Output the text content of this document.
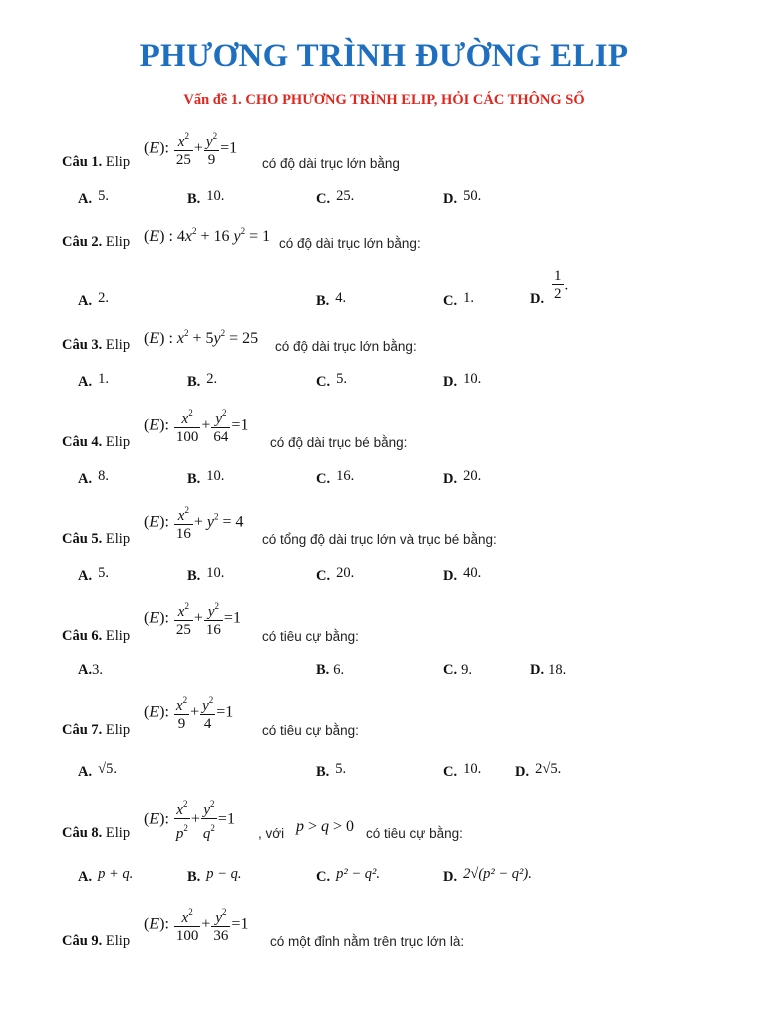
PHƯƠNG TRÌNH ĐƯỜNG ELIP
Vấn đề 1. CHO PHƯƠNG TRÌNH ELIP, HỎI CÁC THÔNG SỐ
Câu 1. Elip
(E): $\frac{x^2}{25} + \frac{y^2}{9} =1$
có độ dài trục lớn bằng
A. 5.	B. 10.	C. 25.	D. 50.
Câu 2. Elip (E) : $4x^2 + 16$ $y^2 = 1$ có độ dài trục lớn bằng:
A. 2.	B. 4.	C. 1.	D. $\frac{1}{2}$ .
Câu 3. Elip (E) : $x^2 + 5y^2 = 25$ có độ dài trục lớn bằng:
A. 1.	B. 2.	C. 5.	D. 10.
Câu 4. Elip
(E): $\frac{x^2}{100} + \frac{y^2}{64} =1$
có độ dài trục bé bằng:
A. 8.	B. 10.	C. 16.	D. 20.
Câu 5. Elip
(E): $\frac{x^2}{16} + y^2 = 4$
có tổng độ dài trục lớn và trục bé bằng:
A. 5.	B. 10.	C. 20.	D. 40.
Câu 6. Elip
(E): $\frac{x^2}{25} + \frac{y^2}{16} =1$
có tiêu cự bằng:
A.3.	B. 6.	C. 9.	D. 18.
Câu 7. Elip
(E): $\frac{x^2}{9} + \frac{y^2}{4} =1$
có tiêu cự bằng:
A. √5.	B. 5.	C. 10. D. 2√5.
Câu 8. Elip
(E): $\frac{x^2}{p^2} + \frac{y^2}{q^2} =1$
, với p > q > 0 có tiêu cự bằng:
A. p + q.	B. p − q.	C. p² − q².	D. 2√(p² − q²).
Câu 9. Elip
(E): $\frac{x^2}{100} + \frac{y^2}{36} =1$
có một đỉnh nằm trên trục lớn là:
